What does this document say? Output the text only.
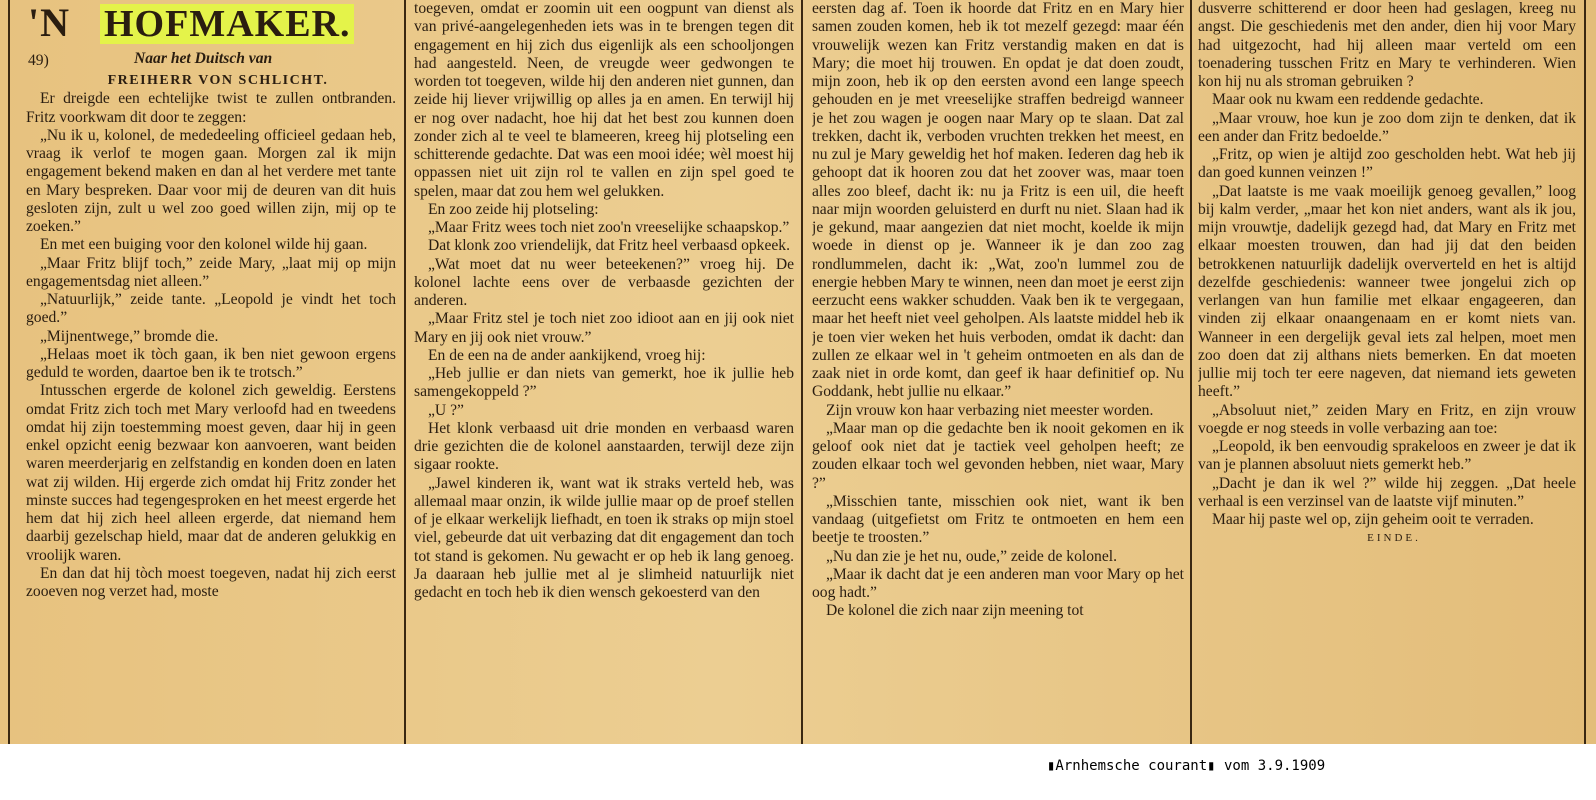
'N HOFMAKER.
49)	Naar het Duitsch van

FREIHERR VON SCHLICHT.

Er dreigde een echtelijke twist te zullen ontbranden. Fritz voorkwam dit door te zeggen:

„Nu ik u, kolonel, de mededeeling officieel gedaan heb, vraag ik verlof te mogen gaan. Morgen zal ik mijn engagement bekend maken en dan al het verdere met tante en Mary bespreken. Daar voor mij de deuren van dit huis gesloten zijn, zult u wel zoo goed willen zijn, mij op te zoeken.”

En met een buiging voor den kolonel wilde hij gaan.

„Maar Fritz blijf toch,” zeide Mary, „laat mij op mijn engagementsdag niet alleen.”

„Natuurlijk,” zeide tante. „Leopold je vindt het toch goed.”

„Mijnentwege,” bromde die.

„Helaas moet ik tòch gaan, ik ben niet gewoon ergens geduld te worden, daartoe ben ik te trotsch.”

Intusschen ergerde de kolonel zich geweldig. Eerstens omdat Fritz zich toch met Mary verloofd had en tweedens omdat hij zijn toestemming moest geven, daar hij in geen enkel opzicht eenig bezwaar kon aanvoeren, want beiden waren meerderjarig en zelfstandig en konden doen en laten wat zij wilden. Hij ergerde zich omdat hij Fritz zonder het minste succes had tegengesproken en het meest ergerde het hem dat hij zich heel alleen ergerde, dat niemand hem daarbij gezelschap hield, maar dat de anderen gelukkig en vroolijk waren.

En dan dat hij tòch moest toegeven, nadat hij zich eerst zooeven nog verzet had, moste

toegeven, omdat er zoomin uit een oogpunt van dienst als van privé-aangelegenheden iets was in te brengen tegen dit engagement en hij zich dus eigenlijk als een schooljongen had aangesteld. Neen, de vreugde weer gedwongen te worden tot toegeven, wilde hij den anderen niet gunnen, dan zeide hij liever vrijwillig op alles ja en amen. En terwijl hij er nog over nadacht, hoe hij dat het best zou kunnen doen zonder zich al te veel te blameeren, kreeg hij plotseling een schitterende gedachte. Dat was een mooi idée; wèl moest hij oppassen niet uit zijn rol te vallen en zijn spel goed te spelen, maar dat zou hem wel gelukken.

En zoo zeide hij plotseling:

„Maar Fritz wees toch niet zoo'n vreeselijke schaapskop.”

Dat klonk zoo vriendelijk, dat Fritz heel verbaasd opkeek.

„Wat moet dat nu weer beteekenen?” vroeg hij. De kolonel lachte eens over de verbaasde gezichten der anderen.

„Maar Fritz stel je toch niet zoo idioot aan en jij ook niet Mary en jij ook niet vrouw.”

En de een na de ander aankijkend, vroeg hij:

„Heb jullie er dan niets van gemerkt, hoe ik jullie heb samengekoppeld ?”

„U ?”

Het klonk verbaasd uit drie monden en verbaasd waren drie gezichten die de kolonel aanstaarden, terwijl deze zijn sigaar rookte.

„Jawel kinderen ik, want wat ik straks verteld heb, was allemaal maar onzin, ik wilde jullie maar op de proef stellen of je elkaar werkelijk liefhadt, en toen ik straks op mijn stoel viel, gebeurde dat uit verbazing dat dit engagement dan toch tot stand is gekomen. Nu gewacht er op heb ik lang genoeg. Ja daaraan heb jullie met al je slimheid natuurlijk niet gedacht en toch heb ik dien wensch gekoesterd van den

eersten dag af. Toen ik hoorde dat Fritz en en Mary hier samen zouden komen, heb ik tot mezelf gezegd: maar één vrouwelijk wezen kan Fritz verstandig maken en dat is Mary; die moet hij trouwen. En opdat je dat doen zoudt, mijn zoon, heb ik op den eersten avond een lange speech gehouden en je met vreeselijke straffen bedreigd wanneer je het zou wagen je oogen naar Mary op te slaan. Dat zal trekken, dacht ik, verboden vruchten trekken het meest, en nu zul je Mary geweldig het hof maken. Iederen dag heb ik gehoopt dat ik hooren zou dat het zoover was, maar toen alles zoo bleef, dacht ik: nu ja Fritz is een uil, die heeft naar mijn woorden geluisterd en durft nu niet. Slaan had ik je gekund, maar aangezien dat niet mocht, koelde ik mijn woede in dienst op je. Wanneer ik je dan zoo zag rondlummelen, dacht ik: „Wat, zoo'n lummel zou de energie hebben Mary te winnen, neen dan moet je eerst zijn eerzucht eens wakker schudden. Vaak ben ik te vergegaan, maar het heeft niet veel geholpen. Als laatste middel heb ik je toen vier weken het huis verboden, omdat ik dacht: dan zullen ze elkaar wel in 't geheim ontmoeten en als dan de zaak niet in orde komt, dan geef ik haar definitief op. Nu Goddank, hebt jullie nu elkaar.”

Zijn vrouw kon haar verbazing niet meester worden.

„Maar man op die gedachte ben ik nooit gekomen en ik geloof ook niet dat je tactiek veel geholpen heeft; ze zouden elkaar toch wel gevonden hebben, niet waar, Mary ?”

„Misschien tante, misschien ook niet, want ik ben vandaag (uitgefietst om Fritz te ontmoeten en hem een beetje te troosten.”

„Nu dan zie je het nu, oude,” zeide de kolonel.

„Maar ik dacht dat je een anderen man voor Mary op het oog hadt.”

De kolonel die zich naar zijn meening tot

dusverre schitterend er door heen had geslagen, kreeg nu angst. Die geschiedenis met den ander, dien hij voor Mary had uitgezocht, had hij alleen maar verteld om een toenadering tusschen Fritz en Mary te verhinderen. Wien kon hij nu als stroman gebruiken ?

Maar ook nu kwam een reddende gedachte.

„Maar vrouw, hoe kun je zoo dom zijn te denken, dat ik een ander dan Fritz bedoelde.”

„Fritz, op wien je altijd zoo gescholden hebt. Wat heb jij dan goed kunnen veinzen !”

„Dat laatste is me vaak moeilijk genoeg gevallen,” loog bij kalm verder, „maar het kon niet anders, want als ik jou, mijn vrouwtje, dadelijk gezegd had, dat Mary en Fritz met elkaar moesten trouwen, dan had jij dat den beiden betrokkenen natuurlijk dadelijk oververteld en het is altijd dezelfde geschiedenis: wanneer twee jongelui zich op verlangen van hun familie met elkaar engageeren, dan vinden zij elkaar onaangenaam en er komt niets van. Wanneer in een dergelijk geval iets zal helpen, moet men zoo doen dat zij althans niets bemerken. En dat moeten jullie mij toch ter eere nageven, dat niemand iets geweten heeft.”

„Absoluut niet,” zeiden Mary en Fritz, en zijn vrouw voegde er nog steeds in volle verbazing aan toe:

„Leopold, ik ben eenvoudig sprakeloos en zweer je dat ik van je plannen absoluut niets gemerkt heb.”

„Dacht je dan ik wel ?” wilde hij zeggen. „Dat heele verhaal is een verzinsel van de laatste vijf minuten.”

Maar hij paste wel op, zijn geheim ooit te verraden.

EINDE.

▮Arnhemsche courant▮ vom 3.9.1909
